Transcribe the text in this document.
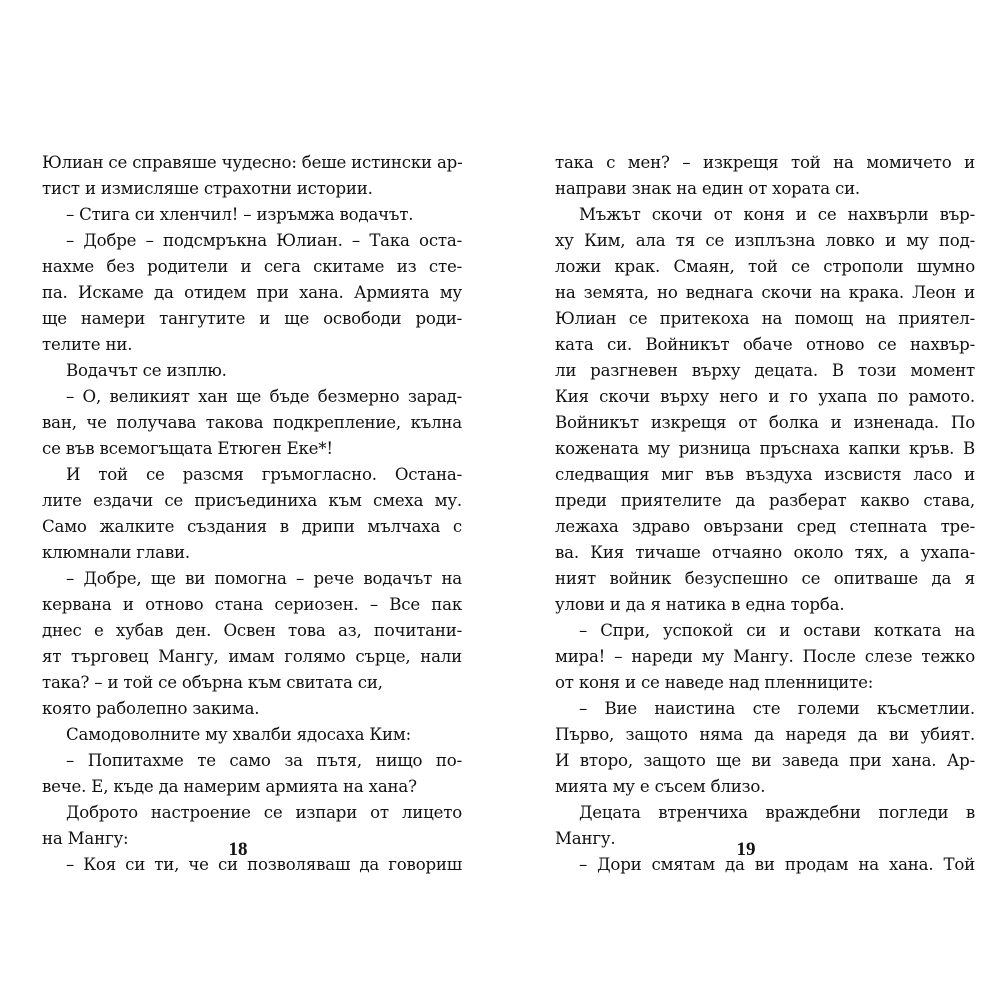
Юлиан се справяше чудесно: беше истински ар-
тист и измисляше страхотни истории.
– Стига си хленчил! – изръмжа водачът.
– Добре – подсмръкна Юлиан. – Така оста-
нахме без родители и сега скитаме из сте-
па. Искаме да отидем при хана. Армията му
ще намери тангутите и ще освободи роди-
телите ни.
Водачът се изплю.
– О, великият хан ще бъде безмерно зарад-
ван, че получава такова подкрепление, кълна
се във всемогъщата Етюген Еке*!
И той се разсмя гръмогласно. Остана-
лите ездачи се присъединиха към смеха му.
Само жалките създания в дрипи мълчаха с
клюмнали глави.
– Добре, ще ви помогна – рече водачът на
кервана и отново стана сериозен. – Все пак
днес е хубав ден. Освен това аз, почитани-
ят търговец Мангу, имам голямо сърце, нали
така? – и той се обърна към свитата си,
която раболепно закима.
Самодоволните му хвалби ядосаха Ким:
– Попитахме те само за пътя, нищо по-
вече. Е, къде да намерим армията на хана?
Доброто настроение се изпари от лицето
на Мангу:
– Коя си ти, че си позволяваш да говориш
18
така с мен? – изкрещя той на момичето и
направи знак на един от хората си.
Мъжът скочи от коня и се нахвърли вър-
ху Ким, ала тя се изплъзна ловко и му под-
ложи крак. Смаян, той се строполи шумно
на земята, но веднага скочи на крака. Леон и
Юлиан се притекоха на помощ на приятел-
ката си. Войникът обаче отново се нахвър-
ли разгневен върху децата. В този момент
Кия скочи върху него и го ухапа по рамото.
Войникът изкрещя от болка и изненада. По
кожената му ризница пръснаха капки кръв. В
следващия миг във въздуха изсвистя ласо и
преди приятелите да разберат какво става,
лежаха здраво овързани сред степната тре-
ва. Кия тичаше отчаяно около тях, а ухапа-
ният войник безуспешно се опитваше да я
улови и да я натика в една торба.
– Спри, успокой си и остави котката на
мира! – нареди му Мангу. После слезе тежко
от коня и се наведе над пленниците:
– Вие наистина сте големи късметлии.
Първо, защото няма да наредя да ви убият.
И второ, защото ще ви заведа при хана. Ар-
мията му е съсем близо.
Децата втренчиха враждебни погледи в
Мангу.
– Дори смятам да ви продам на хана. Той
19
